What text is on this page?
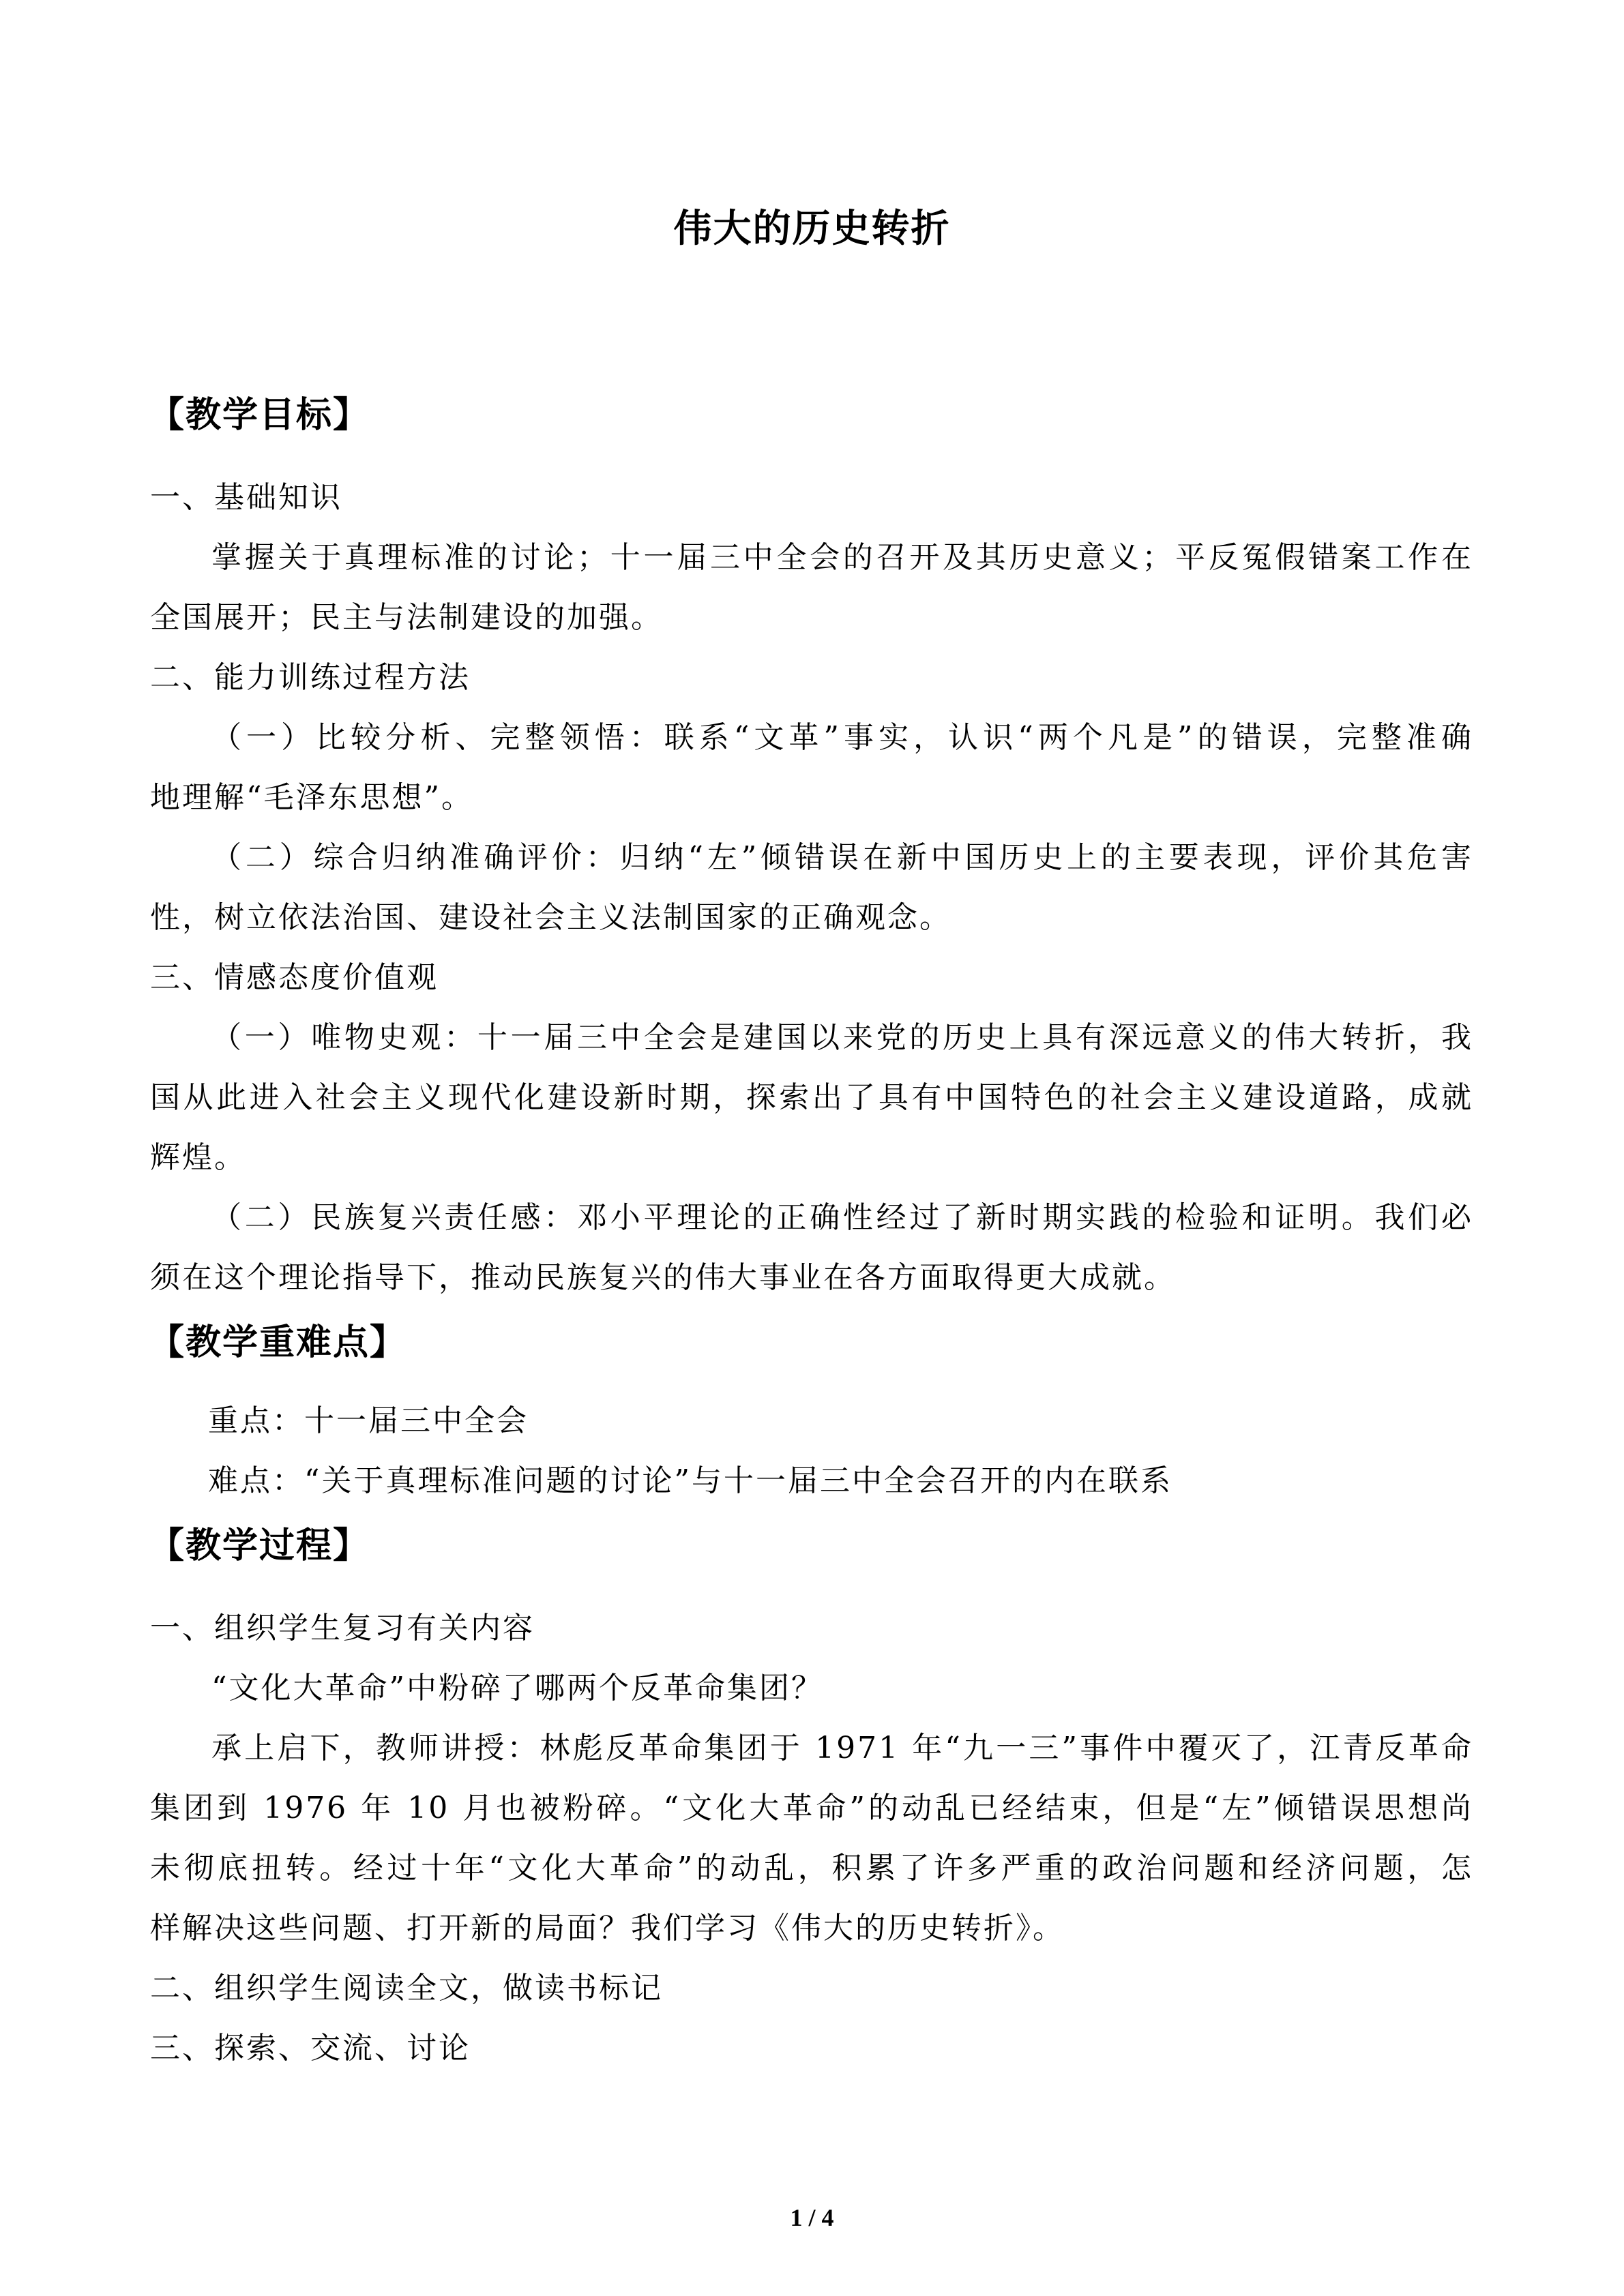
伟大的历史转折
【教学目标】
一、基础知识
掌握关于真理标准的讨论；十一届三中全会的召开及其历史意义；平反冤假错案工作在
全国展开；民主与法制建设的加强。
二、能力训练过程方法
（一）比较分析、完整领悟：联系“文革”事实，认识“两个凡是”的错误，完整准确
地理解“毛泽东思想”。
（二）综合归纳准确评价：归纳“左”倾错误在新中国历史上的主要表现，评价其危害
性，树立依法治国、建设社会主义法制国家的正确观念。
三、情感态度价值观
（一）唯物史观：十一届三中全会是建国以来党的历史上具有深远意义的伟大转折，我
国从此进入社会主义现代化建设新时期，探索出了具有中国特色的社会主义建设道路，成就
辉煌。
（二）民族复兴责任感：邓小平理论的正确性经过了新时期实践的检验和证明。我们必
须在这个理论指导下，推动民族复兴的伟大事业在各方面取得更大成就。
【教学重难点】
重点：十一届三中全会
难点：“关于真理标准问题的讨论”与十一届三中全会召开的内在联系
【教学过程】
一、组织学生复习有关内容
“文化大革命”中粉碎了哪两个反革命集团？
承上启下，教师讲授：林彪反革命集团于 1971 年“九一三”事件中覆灭了，江青反革命
集团到 1976 年 10 月也被粉碎。“文化大革命”的动乱已经结束，但是“左”倾错误思想尚
未彻底扭转。经过十年“文化大革命”的动乱，积累了许多严重的政治问题和经济问题，怎
样解决这些问题、打开新的局面？我们学习《伟大的历史转折》。
二、组织学生阅读全文，做读书标记
三、探索、交流、讨论
1 / 4
